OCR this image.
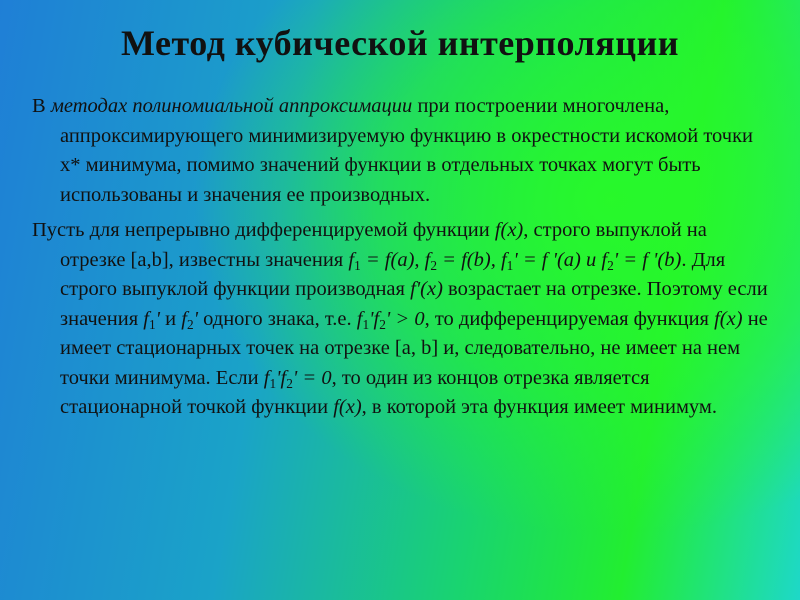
Метод кубической интерполяции

В методах полиномиальной аппроксимации при построении многочлена, аппроксимирующего минимизируемую функцию в окрестности искомой точки x* минимума, помимо значений функции в отдельных точках могут быть использованы и значения ее производных.

Пусть для непрерывно дифференцируемой функции f(x), строго выпуклой на отрезке [a,b], известны значения $f_1 = f(a)$, $f_2 = f(b)$, $f_1' = f$ '(a) и $f_2' = f$ '(b). Для строго выпуклой функции производная f'(x) возрастает на отрезке. Поэтому если значения $f_1'$ и $f_2'$ одного знака, т.е. $f_1'f_2' > 0$, то дифференцируемая функция f(x) не имеет стационарных точек на отрезке [a, b] и, следовательно, не имеет на нем точки минимума. Если $f_1'f_2' = 0$, то один из концов отрезка является стационарной точкой функции f(x), в которой эта функция имеет минимум.
